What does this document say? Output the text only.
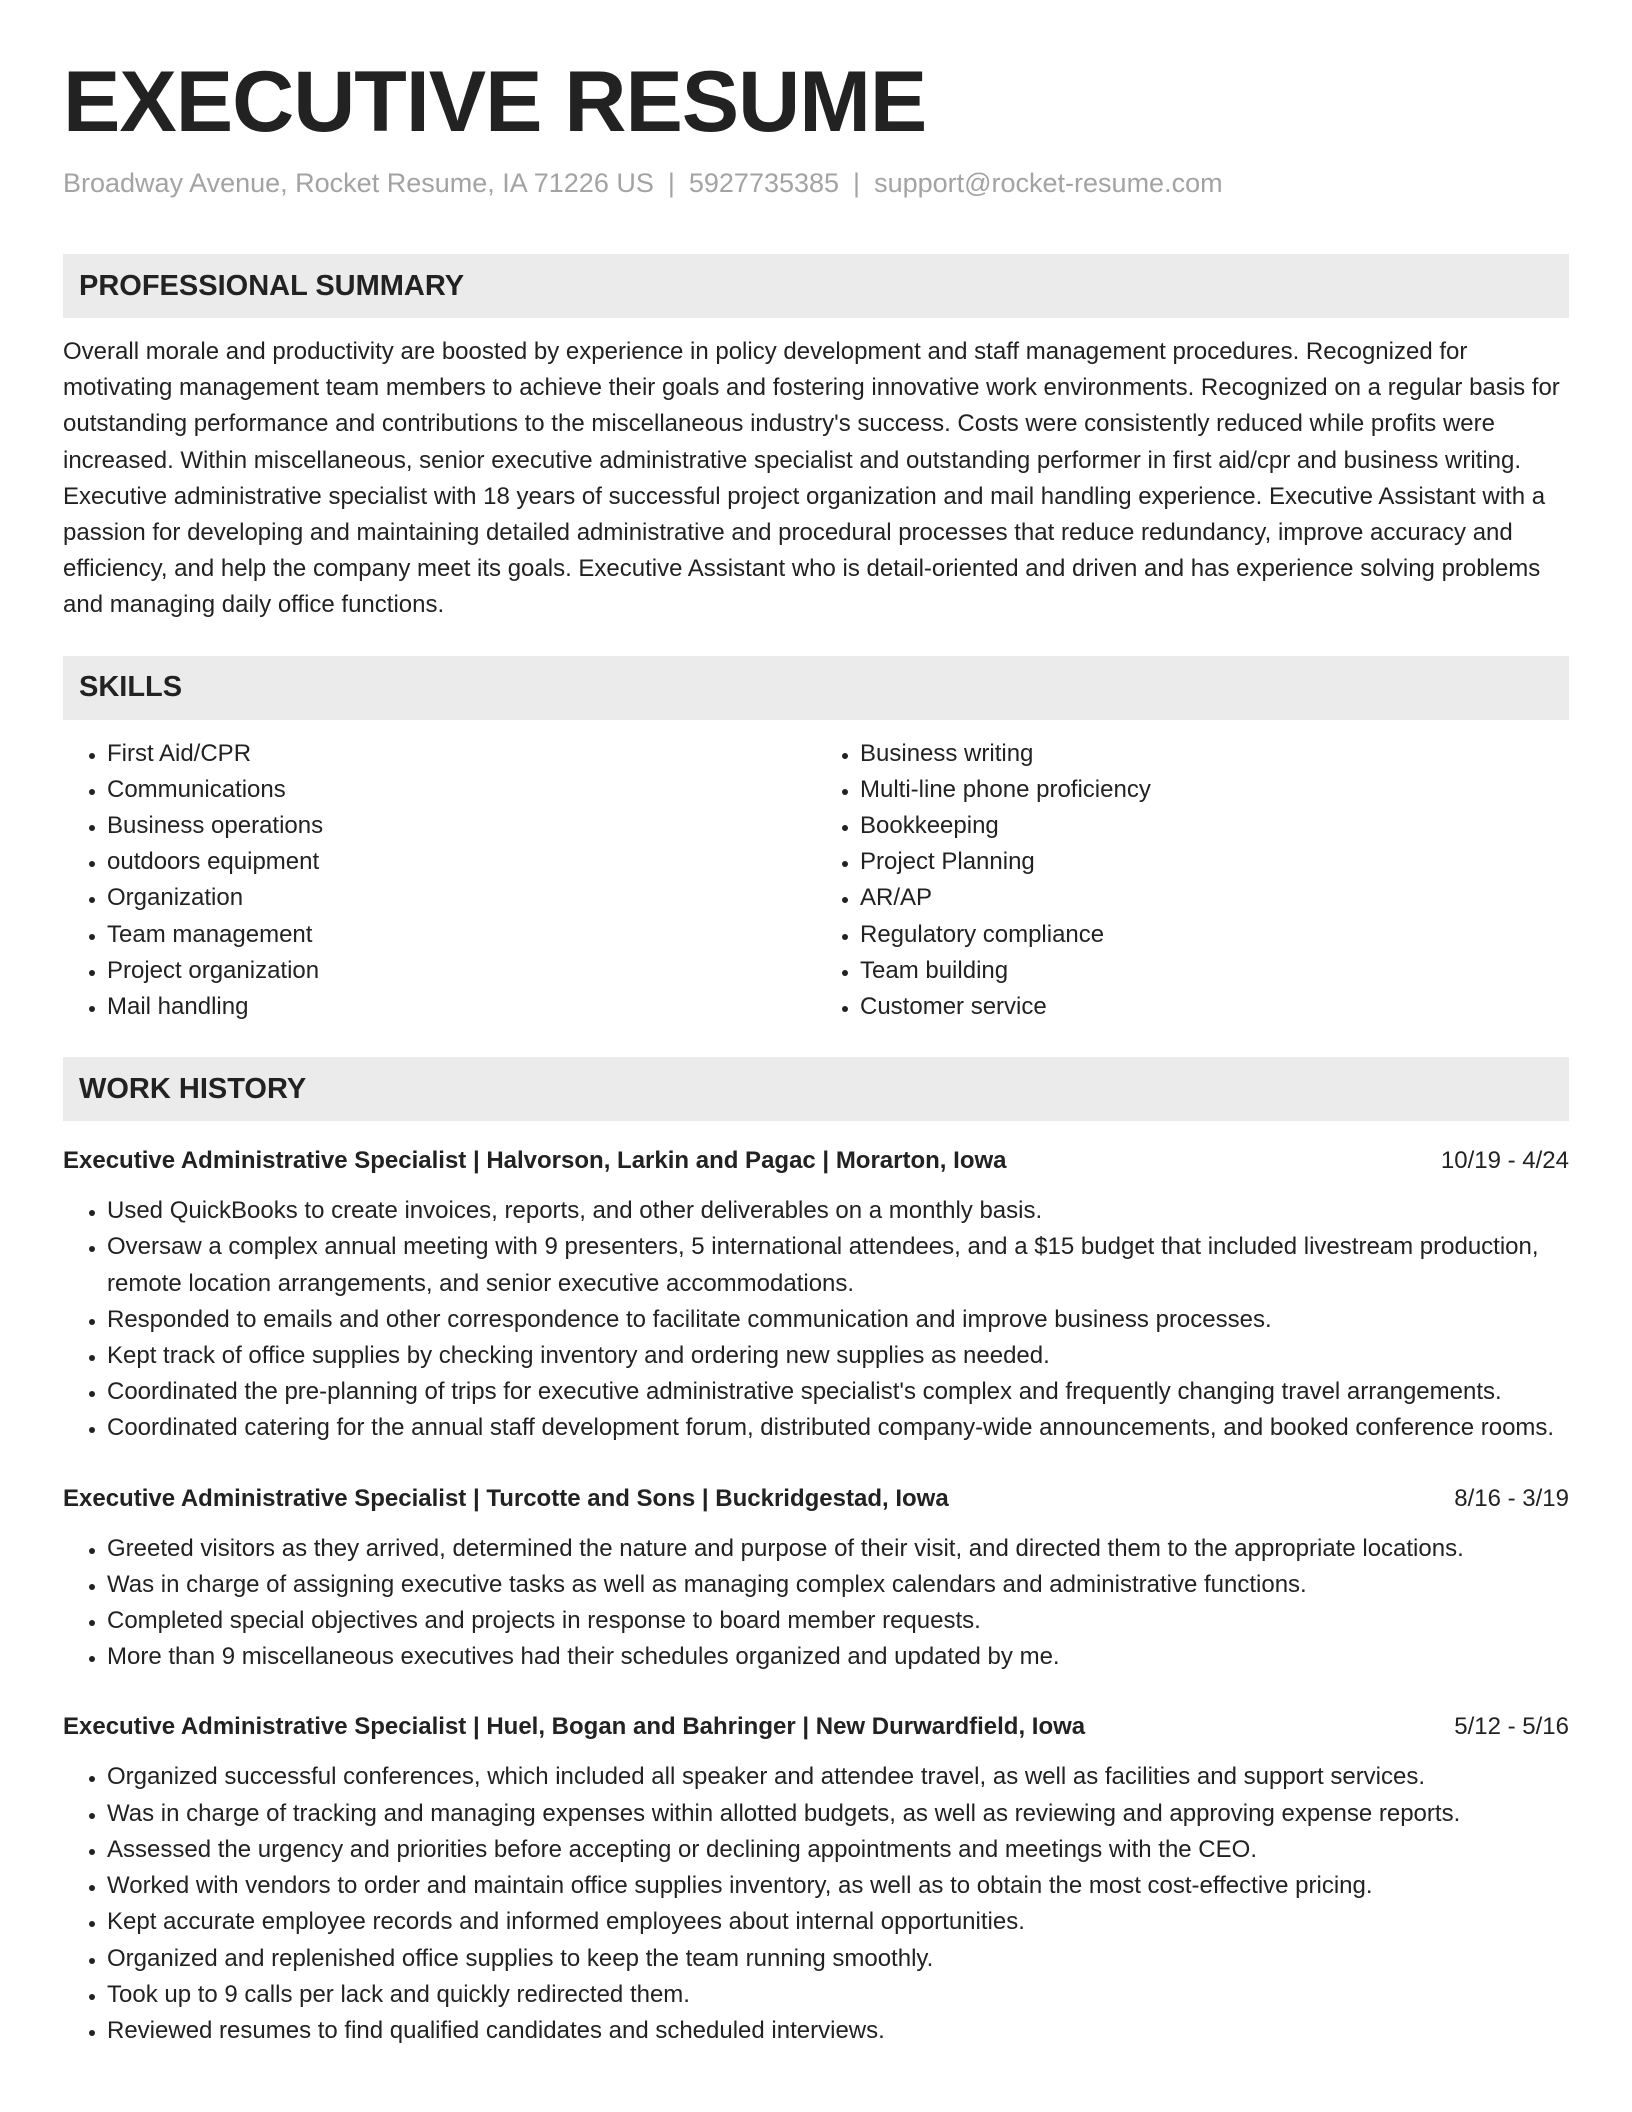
EXECUTIVE RESUME
Broadway Avenue, Rocket Resume, IA 71226 US | 5927735385 | support@rocket-resume.com
PROFESSIONAL SUMMARY

Overall morale and productivity are boosted by experience in policy development and staff management procedures. Recognized for motivating management team members to achieve their goals and fostering innovative work environments. Recognized on a regular basis for outstanding performance and contributions to the miscellaneous industry's success. Costs were consistently reduced while profits were increased. Within miscellaneous, senior executive administrative specialist and outstanding performer in first aid/cpr and business writing. Executive administrative specialist with 18 years of successful project organization and mail handling experience. Executive Assistant with a passion for developing and maintaining detailed administrative and procedural processes that reduce redundancy, improve accuracy and efficiency, and help the company meet its goals. Executive Assistant who is detail-oriented and driven and has experience solving problems and managing daily office functions.

SKILLS
• First Aid/CPR
• Communications
• Business operations
• outdoors equipment
• Organization
• Team management
• Project organization
• Mail handling
• Business writing
• Multi-line phone proficiency
• Bookkeeping
• Project Planning
• AR/AP
• Regulatory compliance
• Team building
• Customer service
WORK HISTORY
Executive Administrative Specialist | Halvorson, Larkin and Pagac | Morarton, Iowa	10/19 - 4/24
• Used QuickBooks to create invoices, reports, and other deliverables on a monthly basis.
• Oversaw a complex annual meeting with 9 presenters, 5 international attendees, and a $15 budget that included livestream production, remote location arrangements, and senior executive accommodations.
• Responded to emails and other correspondence to facilitate communication and improve business processes.
• Kept track of office supplies by checking inventory and ordering new supplies as needed.
• Coordinated the pre-planning of trips for executive administrative specialist's complex and frequently changing travel arrangements.
• Coordinated catering for the annual staff development forum, distributed company-wide announcements, and booked conference rooms.
Executive Administrative Specialist | Turcotte and Sons | Buckridgestad, Iowa	8/16 - 3/19
• Greeted visitors as they arrived, determined the nature and purpose of their visit, and directed them to the appropriate locations.
• Was in charge of assigning executive tasks as well as managing complex calendars and administrative functions.
• Completed special objectives and projects in response to board member requests.
• More than 9 miscellaneous executives had their schedules organized and updated by me.
Executive Administrative Specialist | Huel, Bogan and Bahringer | New Durwardfield, Iowa	5/12 - 5/16
• Organized successful conferences, which included all speaker and attendee travel, as well as facilities and support services.
• Was in charge of tracking and managing expenses within allotted budgets, as well as reviewing and approving expense reports.
• Assessed the urgency and priorities before accepting or declining appointments and meetings with the CEO.
• Worked with vendors to order and maintain office supplies inventory, as well as to obtain the most cost-effective pricing.
• Kept accurate employee records and informed employees about internal opportunities.
• Organized and replenished office supplies to keep the team running smoothly.
• Took up to 9 calls per lack and quickly redirected them.
• Reviewed resumes to find qualified candidates and scheduled interviews.
